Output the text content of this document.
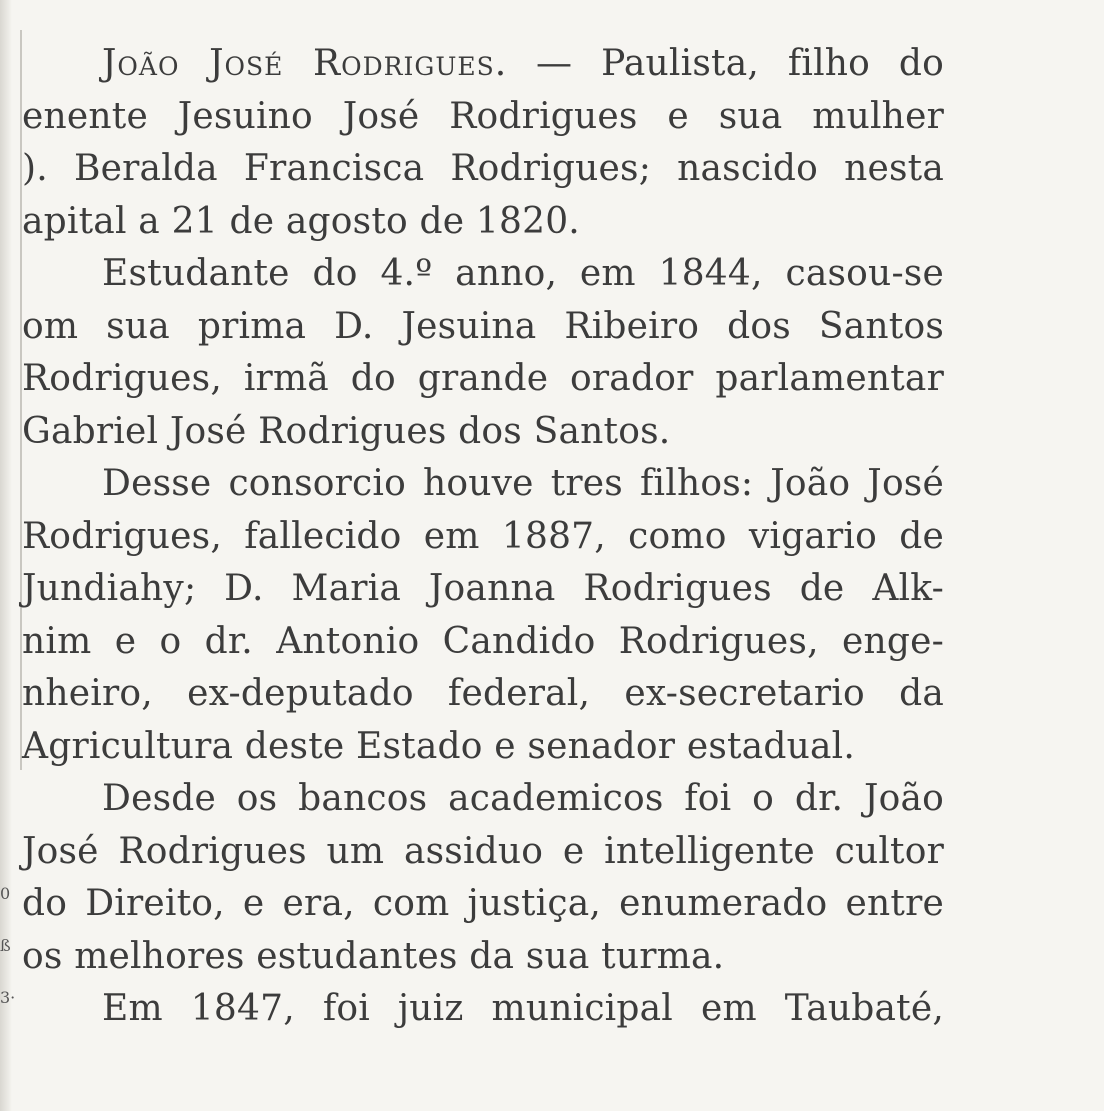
João José Rodrigues. — Paulista, filho do
enente Jesuino José Rodrigues e sua mulher
). Beralda Francisca Rodrigues; nascido nesta
apital a 21 de agosto de 1820.
Estudante do 4.º anno, em 1844, casou-se
om sua prima D. Jesuina Ribeiro dos Santos
Rodrigues, irmã do grande orador parlamentar
Gabriel José Rodrigues dos Santos.
Desse consorcio houve tres filhos: João José
Rodrigues, fallecido em 1887, como vigario de
Jundiahy; D. Maria Joanna Rodrigues de Alk-
nim e o dr. Antonio Candido Rodrigues, enge-
nheiro, ex-deputado federal, ex-secretario da
Agricultura deste Estado e senador estadual.
Desde os bancos academicos foi o dr. João
José Rodrigues um assiduo e intelligente cultor
do Direito, e era, com justiça, enumerado entre
os melhores estudantes da sua turma.
Em 1847, foi juiz municipal em Taubaté,
0
ß
3·
